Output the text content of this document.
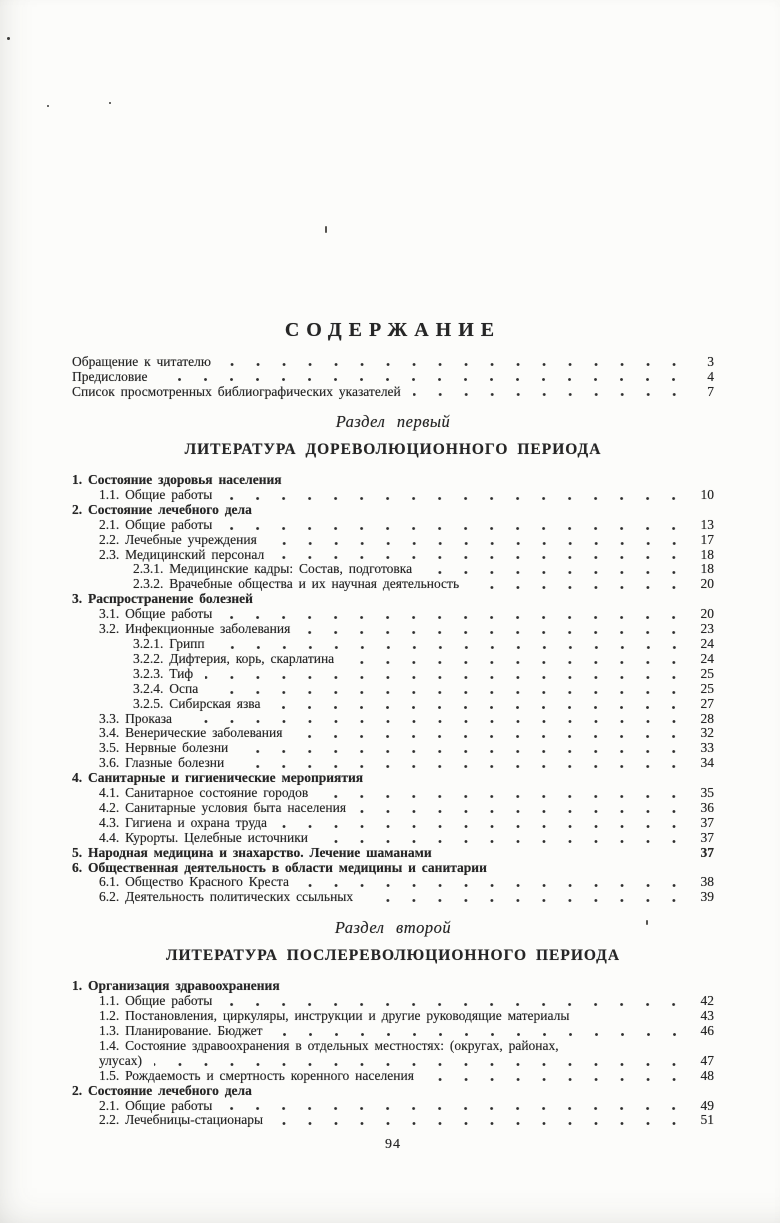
СОДЕРЖАНИЕ
Обращение к читателю	3
Предисловие	4
Список просмотренных библиографических указателей	7
Раздел первый
ЛИТЕРАТУРА ДОРЕВОЛЮЦИОННОГО ПЕРИОДА
1. Состояние здоровья населения
1.1. Общие работы	10
2. Состояние лечебного дела
2.1. Общие работы	13
2.2. Лечебные учреждения	17
2.3. Медицинский персонал	18
2.3.1. Медицинские кадры: Состав, подготовка	18
2.3.2. Врачебные общества и их научная деятельность	20
3. Распространение болезней
3.1. Общие работы	20
3.2. Инфекционные заболевания	23
3.2.1. Грипп	24
3.2.2. Дифтерия, корь, скарлатина	24
3.2.3. Тиф	25
3.2.4. Оспа	25
3.2.5. Сибирская язва	27
3.3. Проказа	28
3.4. Венерические заболевания	32
3.5. Нервные болезни	33
3.6. Глазные болезни	34
4. Санитарные и гигиенические мероприятия
4.1. Санитарное состояние городов	35
4.2. Санитарные условия быта населения	36
4.3. Гигиена и охрана труда	37
4.4. Курорты. Целебные источники	37
5. Народная медицина и знахарство. Лечение шаманами	37
6. Общественная деятельность в области медицины и санитарии
6.1. Общество Красного Креста	38
6.2. Деятельность политических ссыльных	39
Раздел второй
ЛИТЕРАТУРА ПОСЛЕРЕВОЛЮЦИОННОГО ПЕРИОДА
1. Организация здравоохранения
1.1. Общие работы	42
1.2. Постановления, циркуляры, инструкции и другие руководящие материалы	43
1.3. Планирование. Бюджет	46
1.4. Состояние здравоохранения в отдельных местностях: (округах, районах,
улусах)	47
1.5. Рождаемость и смертность коренного населения	48
2. Состояние лечебного дела
2.1. Общие работы	49
2.2. Лечебницы-стационары	51
94
